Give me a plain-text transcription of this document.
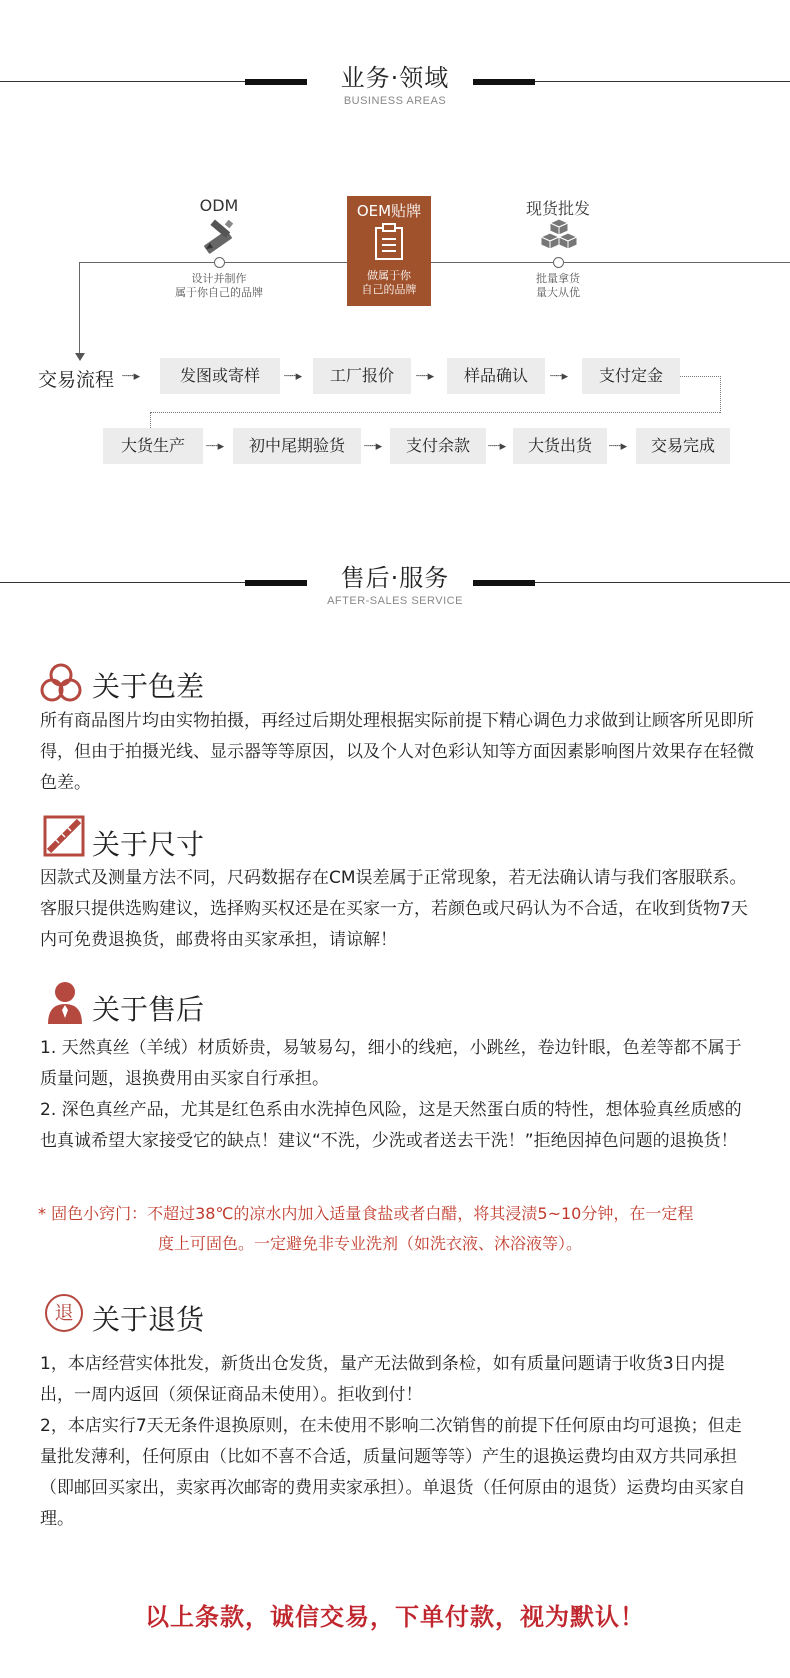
业务·领域
BUSINESS AREAS
ODM
设计并制作
属于你自己的品牌
OEM贴牌
做属于你
自己的品牌
现货批发
批量拿货
量大从优
交易流程 ┈┈▸	发图或寄样	┈┈▸	工厂报价	┈┈▸	样品确认	┈┈▸	支付定金
大货生产	┈┈▸	初中尾期验货	┈┈▸	支付余款	┈┈▸	大货出货	┈┈▸	交易完成
售后·服务
AFTER-SALES SERVICE
关于色差
所有商品图片均由实物拍摄，再经过后期处理根据实际前提下精心调色力求做到让顾客所见即所得，但由于拍摄光线、显示器等等原因，以及个人对色彩认知等方面因素影响图片效果存在轻微色差。
关于尺寸
因款式及测量方法不同，尺码数据存在CM误差属于正常现象，若无法确认请与我们客服联系。客服只提供选购建议，选择购买权还是在买家一方，若颜色或尺码认为不合适，在收到货物7天内可免费退换货，邮费将由买家承担，请谅解！
关于售后

1. 天然真丝（羊绒）材质娇贵，易皱易勾，细小的线疤，小跳丝，卷边针眼，色差等都不属于质量问题，退换费用由买家自行承担。

2. 深色真丝产品，尤其是红色系由水洗掉色风险，这是天然蛋白质的特性，想体验真丝质感的也真诚希望大家接受它的缺点！建议“不洗，少洗或者送去干洗！”拒绝因掉色问题的退换货！

* 固色小窍门：不超过38℃的凉水内加入适量食盐或者白醋，将其浸渍5~10分钟，在一定程
度上可固色。一定避免非专业洗剂（如洗衣液、沐浴液等）。
退 关于退货

1，本店经营实体批发，新货出仓发货，量产无法做到条检，如有质量问题请于收货3日内提出，一周内返回（须保证商品未使用）。拒收到付！

2，本店实行7天无条件退换原则，在未使用不影响二次销售的前提下任何原由均可退换；但走量批发薄利，任何原由（比如不喜不合适，质量问题等等）产生的退换运费均由双方共同承担（即邮回买家出，卖家再次邮寄的费用卖家承担）。单退货（任何原由的退货）运费均由买家自理。

以上条款，诚信交易，下单付款，视为默认！
